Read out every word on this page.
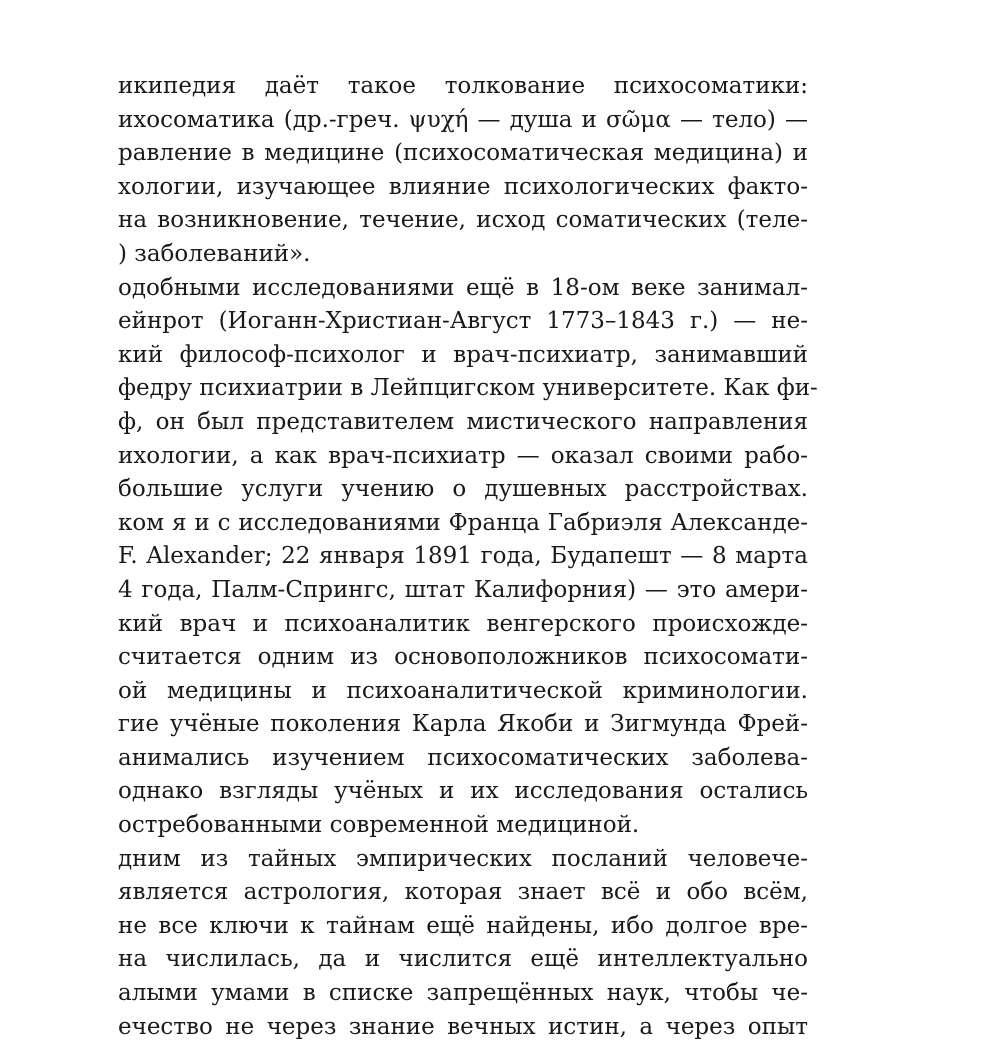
икипедия даёт такое толкование психосоматики:
ихосоматика (др.-греч. ψυχή — душа и σῶμα — тело) —
равление в медицине (психосоматическая медицина) и
хологии, изучающее влияние психологических факто-
на возникновение, течение, исход соматических (теле-
) заболеваний».
одобными исследованиями ещё в 18-ом веке занимал-
ейнрот (Иоганн-Христиан-Август 1773–1843 г.) — не-
кий философ-психолог и врач-психиатр, занимавший
федру психиатрии в Лейпцигском университете. Как фи-
ф, он был представителем мистического направления
ихологии, а как врач-психиатр — оказал своими рабо-
большие услуги учению о душевных расстройствах.
ком я и с исследованиями Франца Габриэля Александе-
F. Alexander; 22 января 1891 года, Будапешт — 8 марта
4 года, Палм-Спрингс, штат Калифорния) — это амери-
кий врач и психоаналитик венгерского происхожде-
считается одним из основоположников психосомати-
ой медицины и психоаналитической криминологии.
гие учёные поколения Карла Якоби и Зигмунда Фрей-
анимались изучением психосоматических заболева-
однако взгляды учёных и их исследования остались
остребованными современной медициной.
дним из тайных эмпирических посланий человече-
является астрология, которая знает всё и обо всём,
не все ключи к тайнам ещё найдены, ибо долгое вре-
на числилась, да и числится ещё интеллектуально
алыми умами в списке запрещённых наук, чтобы че-
ечество не через знание вечных истин, а через опыт
